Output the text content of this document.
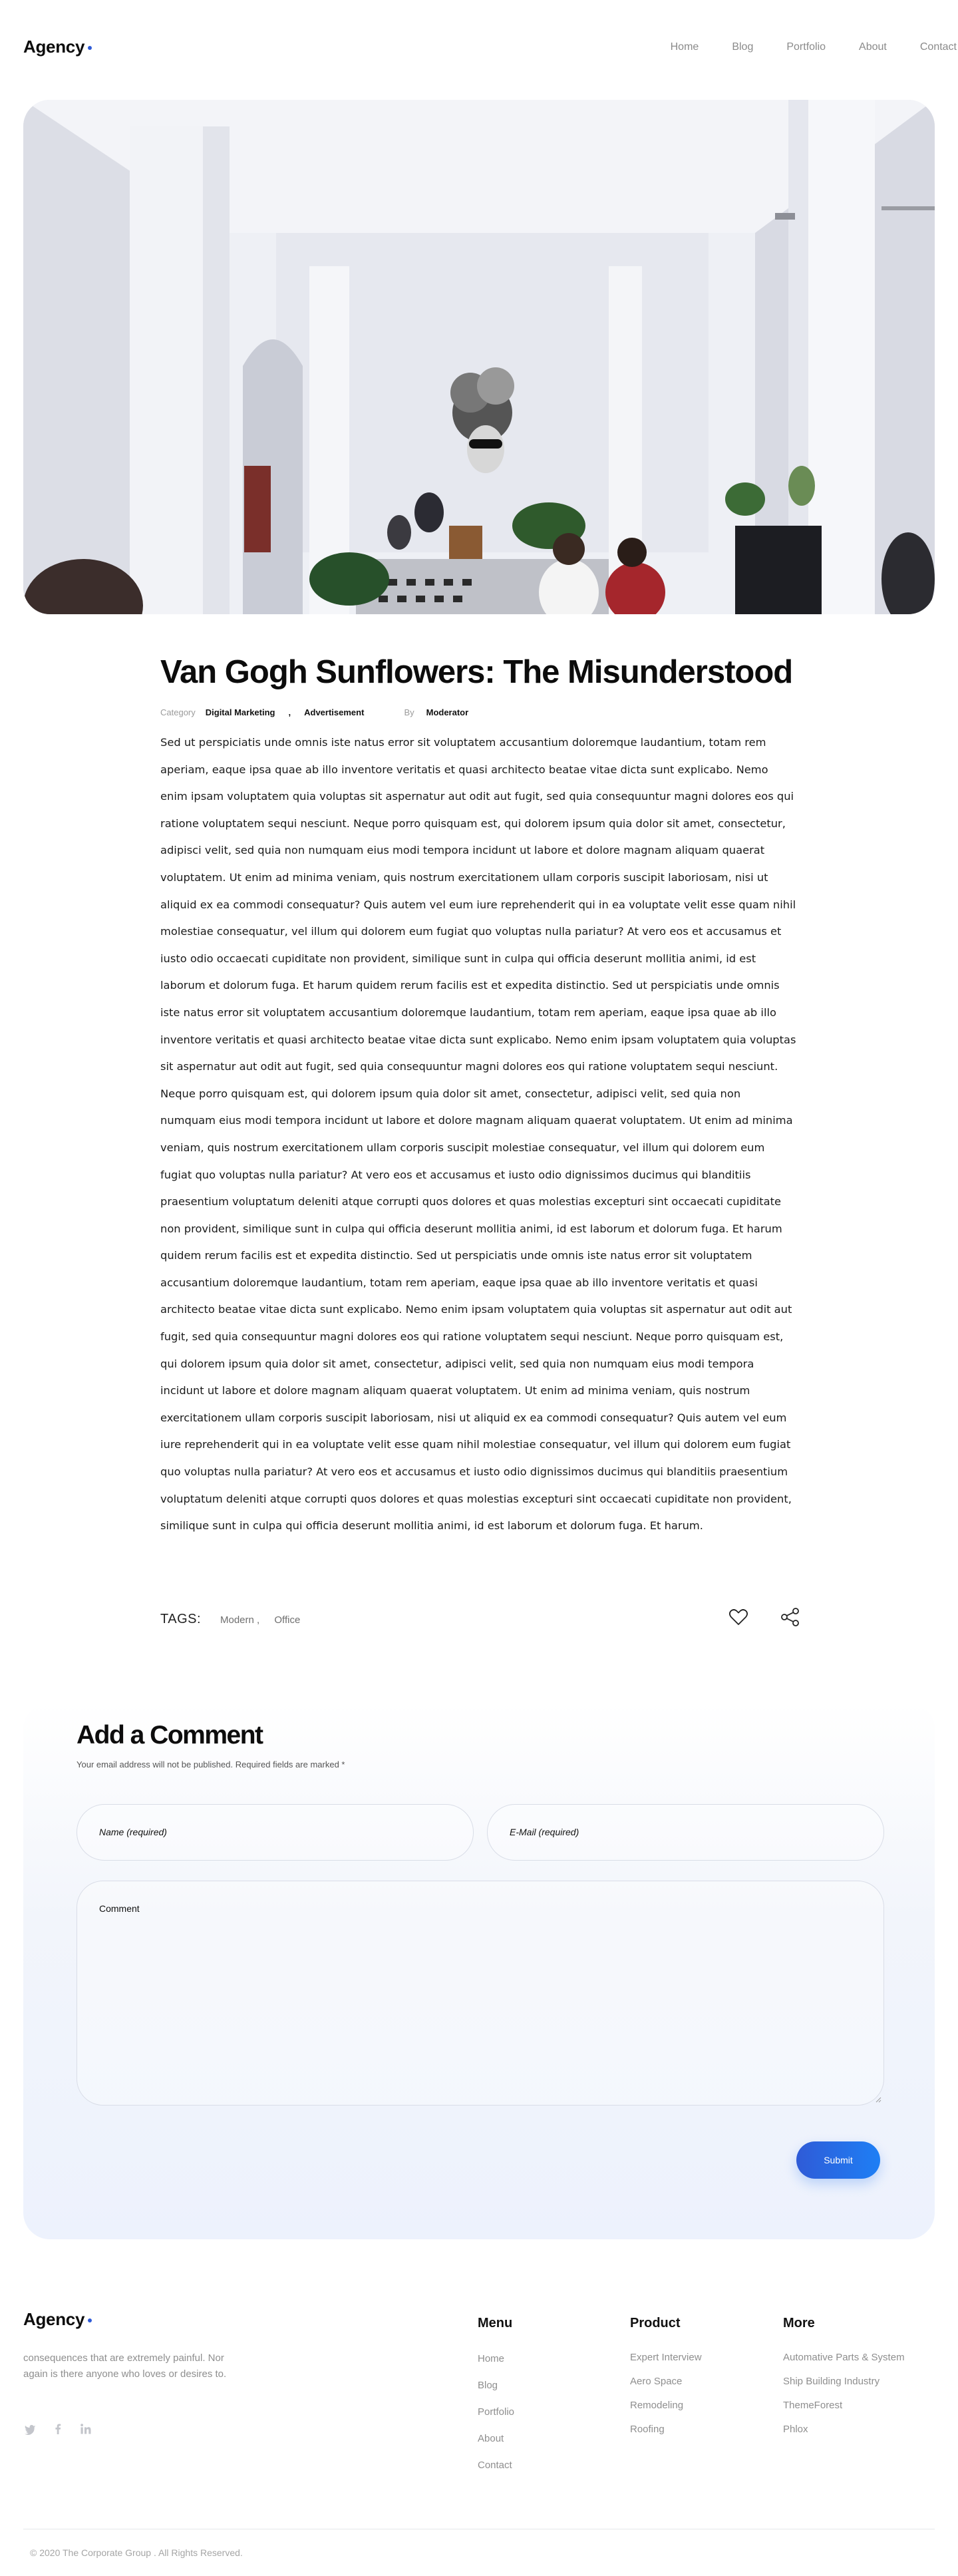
Agency	Home	Blog	Portfolio	About	Contact
Van Gogh Sunflowers: The Misunderstood
Category Digital Marketing , Advertisement	By Moderator

Sed ut perspiciatis unde omnis iste natus error sit voluptatem accusantium doloremque laudantium, totam rem aperiam, eaque ipsa quae ab illo inventore veritatis et quasi architecto beatae vitae dicta sunt explicabo. Nemo enim ipsam voluptatem quia voluptas sit aspernatur aut odit aut fugit, sed quia consequuntur magni dolores eos qui ratione voluptatem sequi nesciunt. Neque porro quisquam est, qui dolorem ipsum quia dolor sit amet, consectetur, adipisci velit, sed quia non numquam eius modi tempora incidunt ut labore et dolore magnam aliquam quaerat voluptatem. Ut enim ad minima veniam, quis nostrum exercitationem ullam corporis suscipit laboriosam, nisi ut aliquid ex ea commodi consequatur? Quis autem vel eum iure reprehenderit qui in ea voluptate velit esse quam nihil molestiae consequatur, vel illum qui dolorem eum fugiat quo voluptas nulla pariatur? At vero eos et accusamus et iusto odio occaecati cupiditate non provident, similique sunt in culpa qui officia deserunt mollitia animi, id est laborum et dolorum fuga. Et harum quidem rerum facilis est et expedita distinctio. Sed ut perspiciatis unde omnis iste natus error sit voluptatem accusantium doloremque laudantium, totam rem aperiam, eaque ipsa quae ab illo inventore veritatis et quasi architecto beatae vitae dicta sunt explicabo. Nemo enim ipsam voluptatem quia voluptas sit aspernatur aut odit aut fugit, sed quia consequuntur magni dolores eos qui ratione voluptatem sequi nesciunt. Neque porro quisquam est, qui dolorem ipsum quia dolor sit amet, consectetur, adipisci velit, sed quia non numquam eius modi tempora incidunt ut labore et dolore magnam aliquam quaerat voluptatem. Ut enim ad minima veniam, quis nostrum exercitationem ullam corporis suscipit molestiae consequatur, vel illum qui dolorem eum fugiat quo voluptas nulla pariatur? At vero eos et accusamus et iusto odio dignissimos ducimus qui blanditiis praesentium voluptatum deleniti atque corrupti quos dolores et quas molestias excepturi sint occaecati cupiditate non provident, similique sunt in culpa qui officia deserunt mollitia animi, id est laborum et dolorum fuga. Et harum quidem rerum facilis est et expedita distinctio. Sed ut perspiciatis unde omnis iste natus error sit voluptatem accusantium doloremque laudantium, totam rem aperiam, eaque ipsa quae ab illo inventore veritatis et quasi architecto beatae vitae dicta sunt explicabo. Nemo enim ipsam voluptatem quia voluptas sit aspernatur aut odit aut fugit, sed quia consequuntur magni dolores eos qui ratione voluptatem sequi nesciunt. Neque porro quisquam est, qui dolorem ipsum quia dolor sit amet, consectetur, adipisci velit, sed quia non numquam eius modi tempora incidunt ut labore et dolore magnam aliquam quaerat voluptatem. Ut enim ad minima veniam, quis nostrum exercitationem ullam corporis suscipit laboriosam, nisi ut aliquid ex ea commodi consequatur? Quis autem vel eum iure reprehenderit qui in ea voluptate velit esse quam nihil molestiae consequatur, vel illum qui dolorem eum fugiat quo voluptas nulla pariatur? At vero eos et accusamus et iusto odio dignissimos ducimus qui blanditiis praesentium voluptatum deleniti atque corrupti quos dolores et quas molestias excepturi sint occaecati cupiditate non provident, similique sunt in culpa qui officia deserunt mollitia animi, id est laborum et dolorum fuga. Et harum.

TAGS: Modern , Office
Add a Comment

Your email address will not be published. Required fields are marked *

Name (required)	E-Mail (required)
Comment
Submit
Agency

consequences that are extremely painful. Nor again is there anyone who loves or desires to.

Menu
Home
Blog
Portfolio
About
Contact
Product
Expert Interview
Aero Space
Remodeling
Roofing
More
Automative Parts & System
Ship Building Industry
ThemeForest
Phlox

© 2020 The Corporate Group . All Rights Reserved.
